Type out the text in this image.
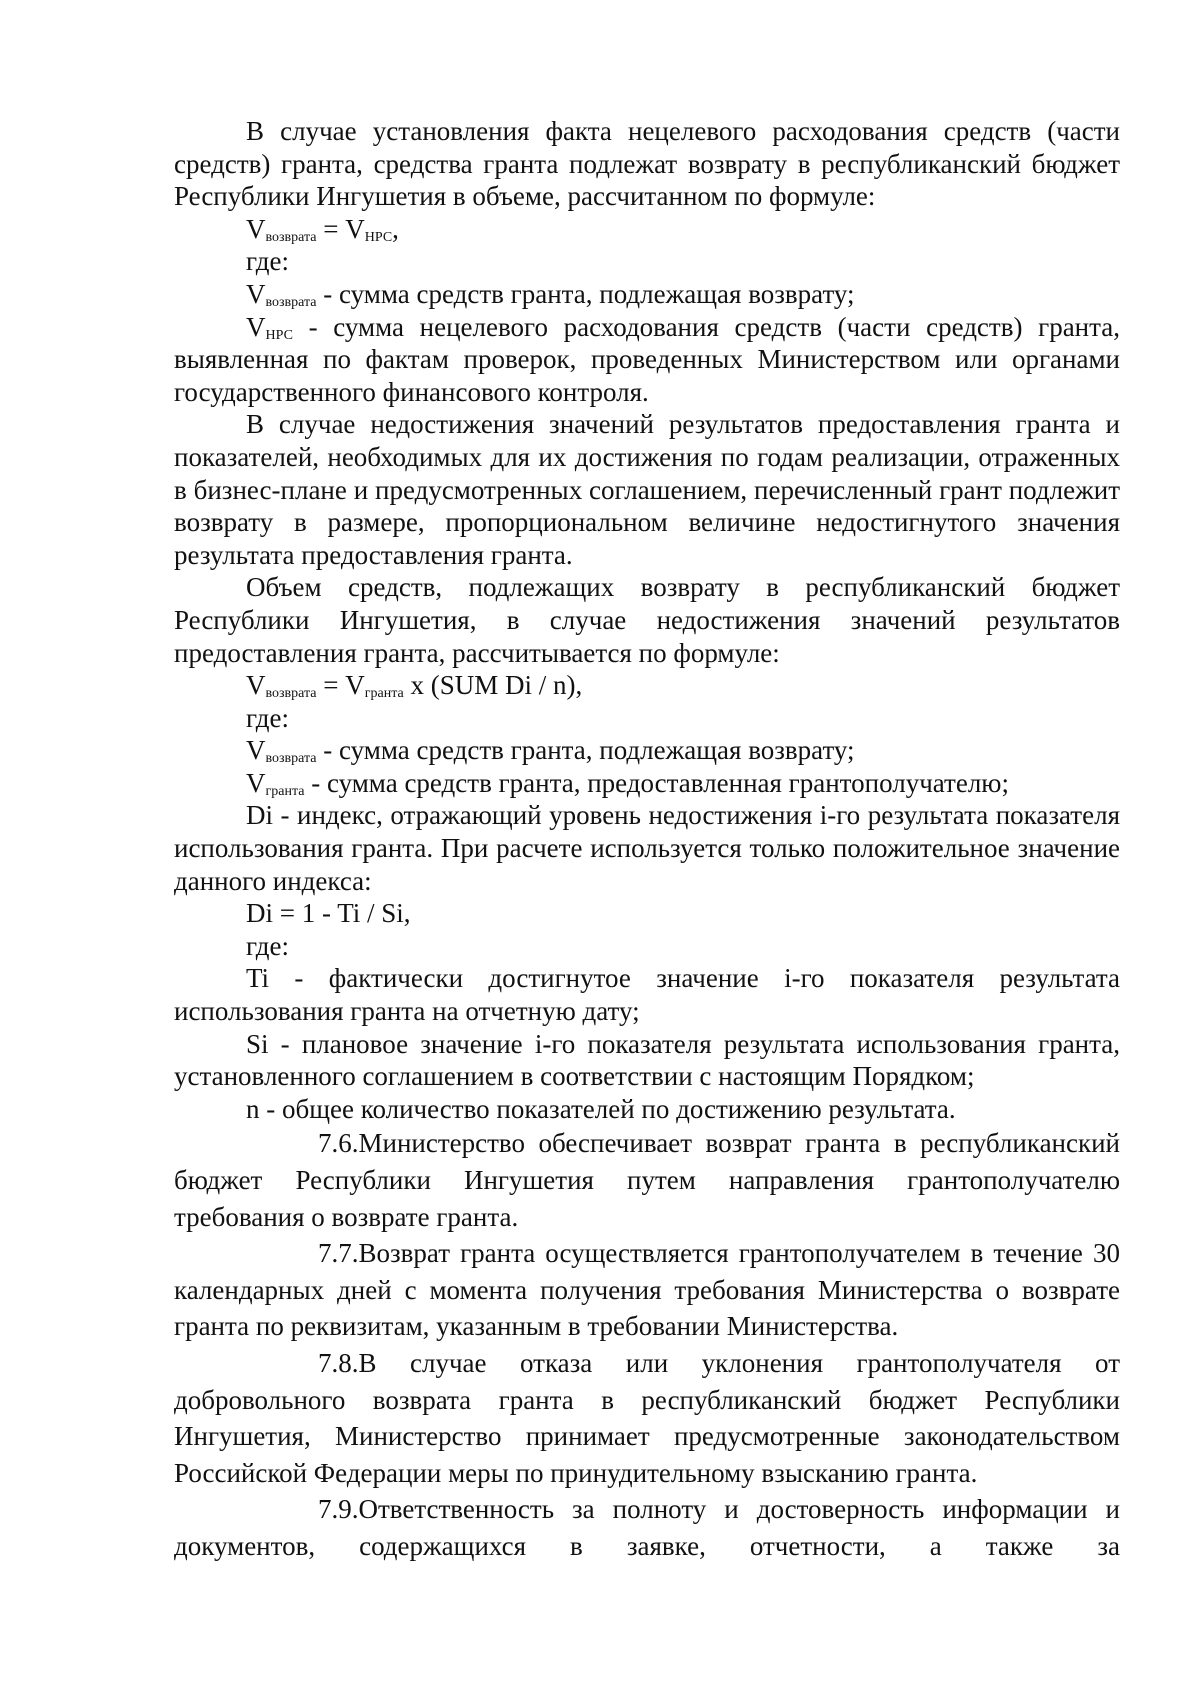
В случае установления факта нецелевого расходования средств (части средств) гранта, средства гранта подлежат возврату в республиканский бюджет Республики Ингушетия в объеме, рассчитанном по формуле:

$V_{возврата} = V_{НРС}$,

где:

$V_{возврата}$ - сумма средств гранта, подлежащая возврату;

$V_{НРС}$ - сумма нецелевого расходования средств (части средств) гранта, выявленная по фактам проверок, проведенных Министерством или органами государственного финансового контроля.

В случае недостижения значений результатов предоставления гранта и показателей, необходимых для их достижения по годам реализации, отраженных в бизнес-плане и предусмотренных соглашением, перечисленный грант подлежит возврату в размере, пропорциональном величине недостигнутого значения результата предоставления гранта.

Объем средств, подлежащих возврату в республиканский бюджет Республики Ингушетия, в случае недостижения значений результатов предоставления гранта, рассчитывается по формуле:

$V_{возврата} = V_{гранта}$ x (SUM Di / n),

где:

$V_{возврата}$ - сумма средств гранта, подлежащая возврату;

$V_{гранта}$ - сумма средств гранта, предоставленная грантополучателю;

Di - индекс, отражающий уровень недостижения i-го результата показателя использования гранта. При расчете используется только положительное значение данного индекса:

Di = 1 - Ti / Si,

где:

Ti - фактически достигнутое значение i-го показателя результата использования гранта на отчетную дату;

Si - плановое значение i-го показателя результата использования гранта, установленного соглашением в соответствии с настоящим Порядком;

n - общее количество показателей по достижению результата.

7.6.Министерство обеспечивает возврат гранта в республиканский бюджет Республики Ингушетия путем направления грантополучателю требования о возврате гранта.

7.7.Возврат гранта осуществляется грантополучателем в течение 30 календарных дней с момента получения требования Министерства о возврате гранта по реквизитам, указанным в требовании Министерства.

7.8.В случае отказа или уклонения грантополучателя от добровольного возврата гранта в республиканский бюджет Республики Ингушетия, Министерство принимает предусмотренные законодательством Российской Федерации меры по принудительному взысканию гранта.

7.9.Ответственность за полноту и достоверность информации и документов, содержащихся в заявке, отчетности, а также за
